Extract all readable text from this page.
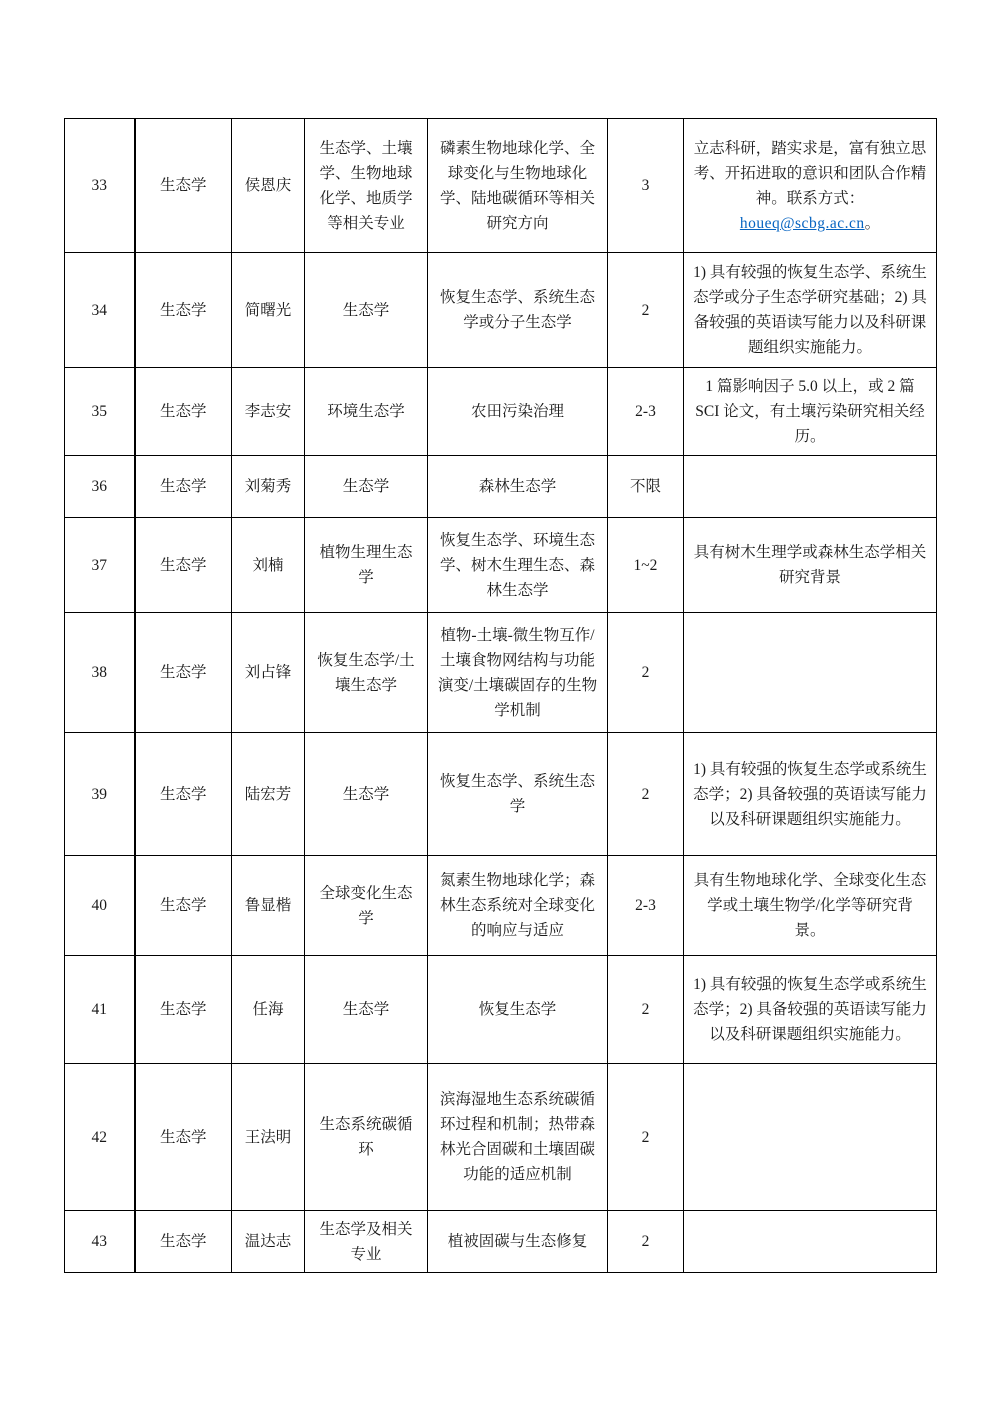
33	生态学	侯恩庆	生态学、土壤学、生物地球化学、地质学等相关专业	磷素生物地球化学、全球变化与生物地球化学、陆地碳循环等相关研究方向	3	立志科研，踏实求是，富有独立思考、开拓进取的意识和团队合作精神。联系方式：houeq@scbg.ac.cn。
34	生态学	简曙光	生态学	恢复生态学、系统生态学或分子生态学	2	1) 具有较强的恢复生态学、系统生态学或分子生态学研究基础；2) 具备较强的英语读写能力以及科研课题组织实施能力。
35	生态学	李志安	环境生态学	农田污染治理	2-3	1 篇影响因子 5.0 以上，或 2 篇 SCI 论文，有土壤污染研究相关经历。
36	生态学	刘菊秀	生态学	森林生态学	不限	
37	生态学	刘楠	植物生理生态学	恢复生态学、环境生态学、树木生理生态、森林生态学	1~2	具有树木生理学或森林生态学相关研究背景
38	生态学	刘占锋	恢复生态学/土壤生态学	植物-土壤-微生物互作/土壤食物网结构与功能演变/土壤碳固存的生物学机制	2	
39	生态学	陆宏芳	生态学	恢复生态学、系统生态学	2	1) 具有较强的恢复生态学或系统生态学；2) 具备较强的英语读写能力以及科研课题组织实施能力。
40	生态学	鲁显楷	全球变化生态学	氮素生物地球化学；森林生态系统对全球变化的响应与适应	2-3	具有生物地球化学、全球变化生态学或土壤生物学/化学等研究背景。
41	生态学	任海	生态学	恢复生态学	2	1) 具有较强的恢复生态学或系统生态学；2) 具备较强的英语读写能力以及科研课题组织实施能力。
42	生态学	王法明	生态系统碳循环	滨海湿地生态系统碳循环过程和机制；热带森林光合固碳和土壤固碳功能的适应机制	2	
43	生态学	温达志	生态学及相关专业	植被固碳与生态修复	2	
